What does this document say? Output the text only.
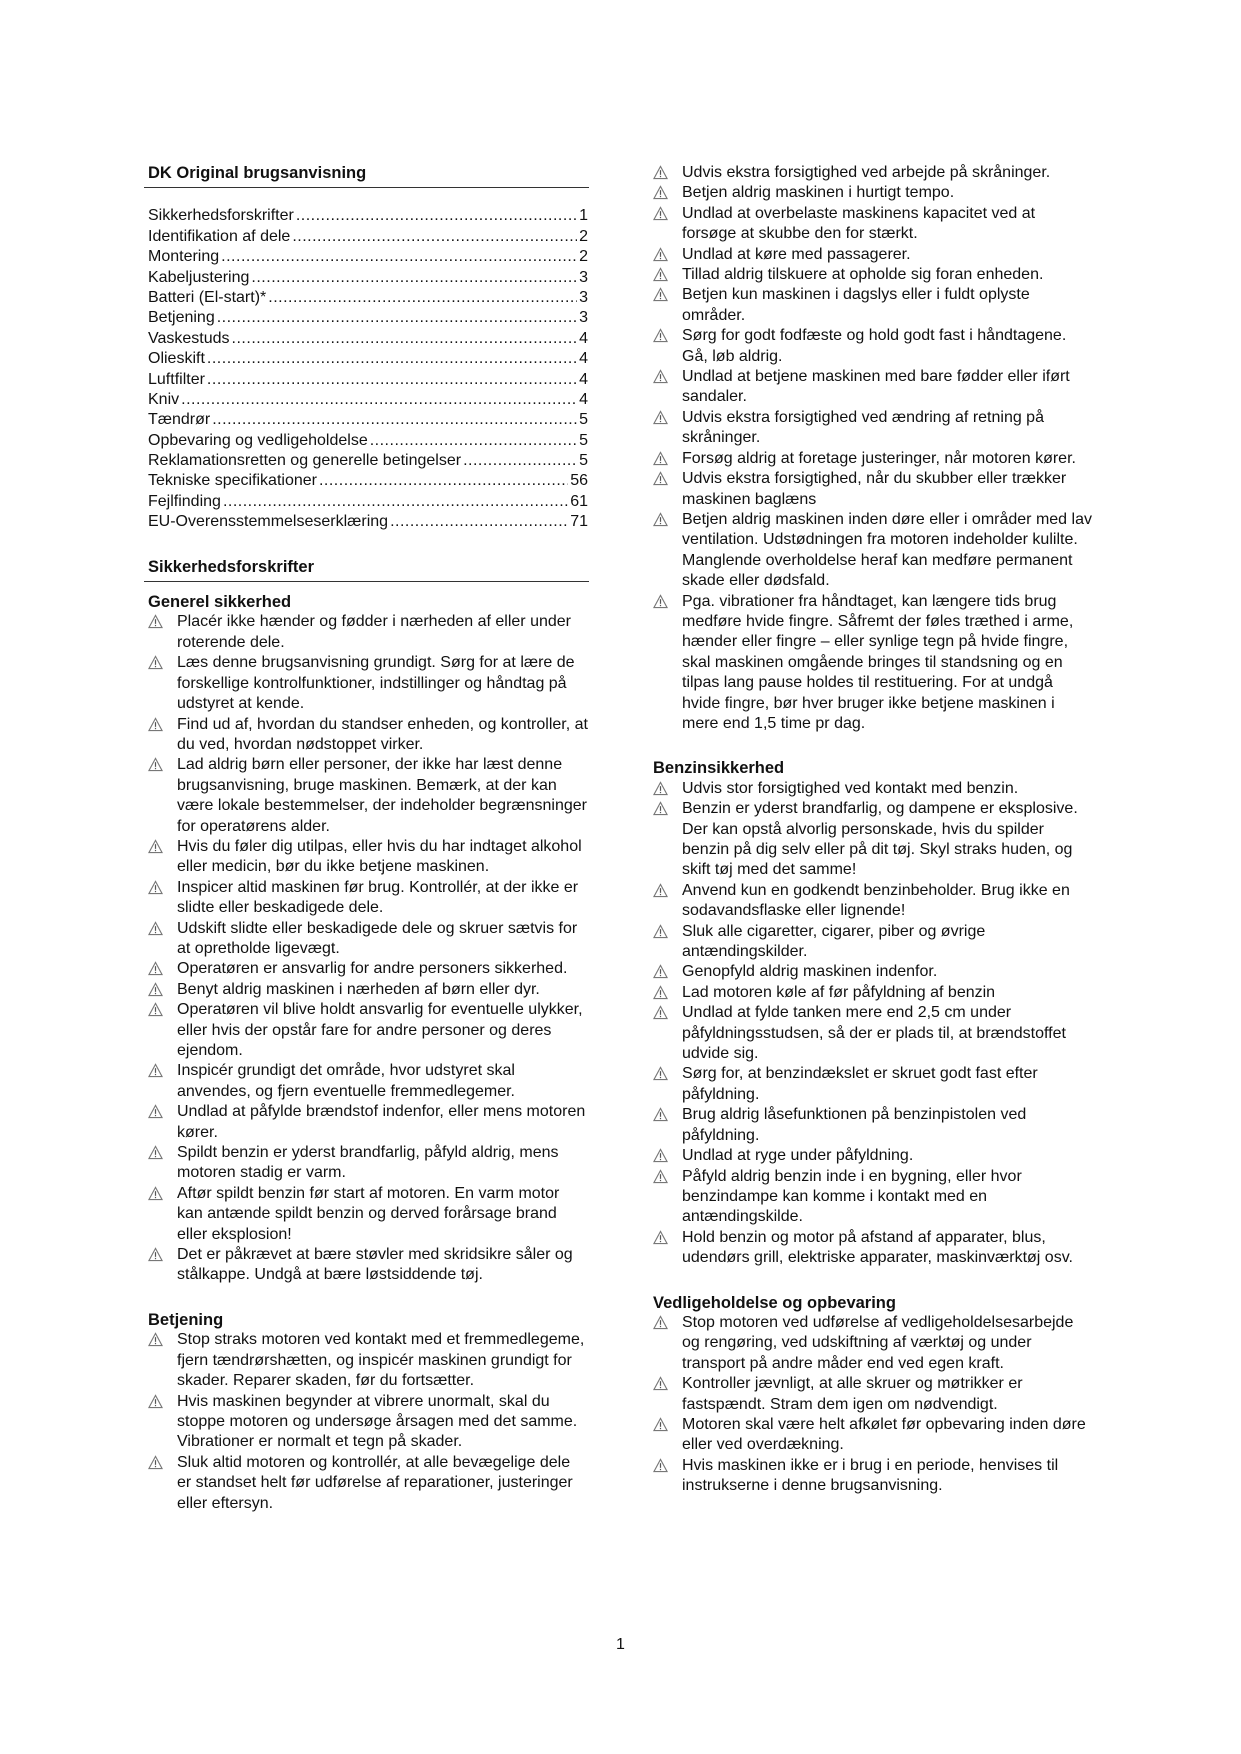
DK Original brugsanvisning
Sikkerhedsforskrifter .....	1
Identifikation af dele .....	2
Montering .....	2
Kabeljustering .....	3
Batteri (El-start)* .....	3
Betjening .....	3
Vaskestuds .....	4
Olieskift .....	4
Luftfilter .....	4
Kniv .....	4
Tændrør .....	5
Opbevaring og vedligeholdelse .....	5
Reklamationsretten og generelle betingelser .....	5
Tekniske specifikationer .....	56
Fejlfinding .....	61
EU-Overensstemmelseserklæring .....	71
Sikkerhedsforskrifter
Generel sikkerhed
Placér ikke hænder og fødder i nærheden af eller under roterende dele.
Læs denne brugsanvisning grundigt. Sørg for at lære de forskellige kontrolfunktioner, indstillinger og håndtag på udstyret at kende.
Find ud af, hvordan du standser enheden, og kontroller, at du ved, hvordan nødstoppet virker.
Lad aldrig børn eller personer, der ikke har læst denne brugsanvisning, bruge maskinen. Bemærk, at der kan være lokale bestemmelser, der indeholder begrænsninger for operatørens alder.
Hvis du føler dig utilpas, eller hvis du har indtaget alkohol eller medicin, bør du ikke betjene maskinen.
Inspicer altid maskinen før brug. Kontrollér, at der ikke er slidte eller beskadigede dele.
Udskift slidte eller beskadigede dele og skruer sætvis for at opretholde ligevægt.
Operatøren er ansvarlig for andre personers sikkerhed.
Benyt aldrig maskinen i nærheden af børn eller dyr.
Operatøren vil blive holdt ansvarlig for eventuelle ulykker, eller hvis der opstår fare for andre personer og deres ejendom.
Inspicér grundigt det område, hvor udstyret skal anvendes, og fjern eventuelle fremmedlegemer.
Undlad at påfylde brændstof indenfor, eller mens motoren kører.
Spildt benzin er yderst brandfarlig, påfyld aldrig, mens motoren stadig er varm.
Aftør spildt benzin før start af motoren. En varm motor kan antænde spildt benzin og derved forårsage brand eller eksplosion!
Det er påkrævet at bære støvler med skridsikre såler og stålkappe. Undgå at bære løstsiddende tøj.
Betjening
Stop straks motoren ved kontakt med et fremmedlegeme, fjern tændrørshætten, og inspicér maskinen grundigt for skader. Reparer skaden, før du fortsætter.
Hvis maskinen begynder at vibrere unormalt, skal du stoppe motoren og undersøge årsagen med det samme. Vibrationer er normalt et tegn på skader.
Sluk altid motoren og kontrollér, at alle bevægelige dele er standset helt før udførelse af reparationer, justeringer eller eftersyn.
Udvis ekstra forsigtighed ved arbejde på skråninger.
Betjen aldrig maskinen i hurtigt tempo.
Undlad at overbelaste maskinens kapacitet ved at forsøge at skubbe den for stærkt.
Undlad at køre med passagerer.
Tillad aldrig tilskuere at opholde sig foran enheden.
Betjen kun maskinen i dagslys eller i fuldt oplyste områder.
Sørg for godt fodfæste og hold godt fast i håndtagene. Gå, løb aldrig.
Undlad at betjene maskinen med bare fødder eller iført sandaler.
Udvis ekstra forsigtighed ved ændring af retning på skråninger.
Forsøg aldrig at foretage justeringer, når motoren kører.
Udvis ekstra forsigtighed, når du skubber eller trækker maskinen baglæns
Betjen aldrig maskinen inden døre eller i områder med lav ventilation. Udstødningen fra motoren indeholder kulilte. Manglende overholdelse heraf kan medføre permanent skade eller dødsfald.
Pga. vibrationer fra håndtaget, kan længere tids brug medføre hvide fingre. Såfremt der føles træthed i arme, hænder eller fingre – eller synlige tegn på hvide fingre, skal maskinen omgående bringes til standsning og en tilpas lang pause holdes til restituering. For at undgå hvide fingre, bør hver bruger ikke betjene maskinen i mere end 1,5 time pr dag.
Benzinsikkerhed
Udvis stor forsigtighed ved kontakt med benzin.
Benzin er yderst brandfarlig, og dampene er eksplosive. Der kan opstå alvorlig personskade, hvis du spilder benzin på dig selv eller på dit tøj. Skyl straks huden, og skift tøj med det samme!
Anvend kun en godkendt benzinbeholder. Brug ikke en sodavandsflaske eller lignende!
Sluk alle cigaretter, cigarer, piber og øvrige antændingskilder.
Genopfyld aldrig maskinen indenfor.
Lad motoren køle af før påfyldning af benzin
Undlad at fylde tanken mere end 2,5 cm under påfyldningsstudsen, så der er plads til, at brændstoffet udvide sig.
Sørg for, at benzindækslet er skruet godt fast efter påfyldning.
Brug aldrig låsefunktionen på benzinpistolen ved påfyldning.
Undlad at ryge under påfyldning.
Påfyld aldrig benzin inde i en bygning, eller hvor benzindampe kan komme i kontakt med en antændingskilde.
Hold benzin og motor på afstand af apparater, blus, udendørs grill, elektriske apparater, maskinværktøj osv.
Vedligeholdelse og opbevaring
Stop motoren ved udførelse af vedligeholdelsesarbejde og rengøring, ved udskiftning af værktøj og under transport på andre måder end ved egen kraft.
Kontroller jævnligt, at alle skruer og møtrikker er fastspændt. Stram dem igen om nødvendigt.
Motoren skal være helt afkølet før opbevaring inden døre eller ved overdækning.
Hvis maskinen ikke er i brug i en periode, henvises til instrukserne i denne brugsanvisning.
1
